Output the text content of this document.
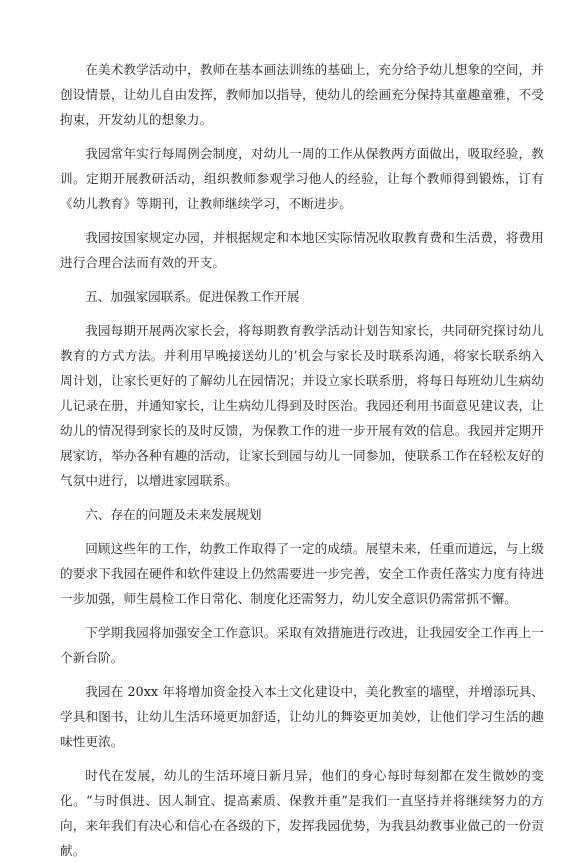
在美术教学活动中，教师在基本画法训练的基础上，充分给予幼儿想象的空间，并创设情景，让幼儿自由发挥，教师加以指导，使幼儿的绘画充分保持其童趣童雅，不受拘束，开发幼儿的想象力。

我园常年实行每周例会制度，对幼儿一周的工作从保教两方面做出，吸取经验，教训。定期开展教研活动，组织教师参观学习他人的经验，让每个教师得到锻炼，订有《幼儿教育》等期刊，让教师继续学习，不断进步。

我园按国家规定办园，并根据规定和本地区实际情况收取教育费和生活费，将费用进行合理合法而有效的开支。

五、加强家园联系。促进保教工作开展

我园每期开展两次家长会，将每期教育教学活动计划告知家长，共同研究探讨幼儿教育的方式方法。并利用早晚接送幼儿的’机会与家长及时联系沟通，将家长联系纳入周计划，让家长更好的了解幼儿在园情况；并设立家长联系册，将每日每班幼儿生病幼儿记录在册，并通知家长，让生病幼儿得到及时医治。我园还利用书面意见建议表，让幼儿的情况得到家长的及时反馈，为保教工作的进一步开展有效的信息。我园并定期开展家访，举办各种有趣的活动，让家长到园与幼儿一同参加，使联系工作在轻松友好的气氛中进行，以增进家园联系。

六、存在的问题及未来发展规划

回顾这些年的工作，幼教工作取得了一定的成绩。展望未来，任重而道远，与上级的要求下我园在硬件和软件建设上仍然需要进一步完善，安全工作责任落实力度有待进一步加强，师生晨检工作日常化、制度化还需努力，幼儿安全意识仍需常抓不懈。

下学期我园将加强安全工作意识。采取有效措施进行改进，让我园安全工作再上一个新台阶。

我园在 20xx 年将增加资金投入本土文化建设中，美化教室的墙壁，并增添玩具、学具和图书，让幼儿生活环境更加舒适，让幼儿的舞姿更加美妙，让他们学习生活的趣味性更浓。

时代在发展，幼儿的生活环境日新月异，他们的身心每时每刻都在发生微妙的变化。“与时俱进、因人制宜、提高素质、保教并重”是我们一直坚持并将继续努力的方向，来年我们有决心和信心在各级的下，发挥我园优势，为我县幼教事业做己的一份贡献。
